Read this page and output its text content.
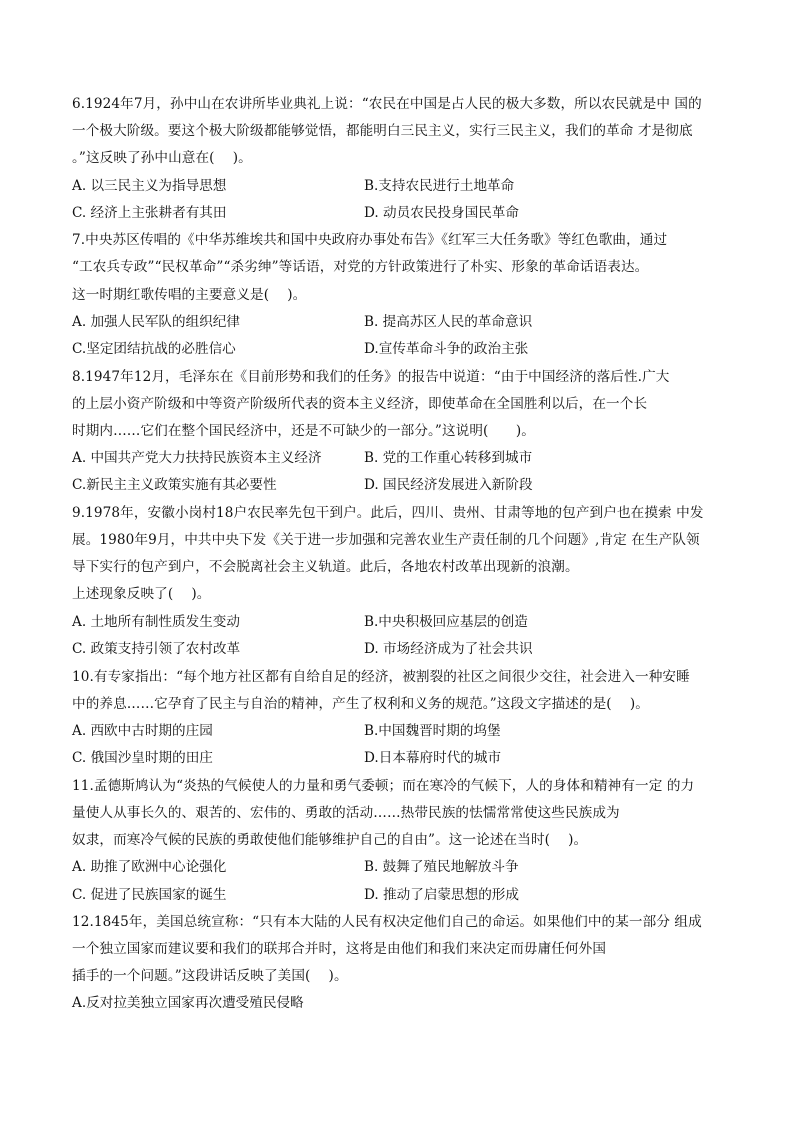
6.1924年7月，孙中山在农讲所毕业典礼上说：“农民在中国是占人民的极大多数，所以农民就是中 国的
一个极大阶级。要这个极大阶级都能够觉悟，都能明白三民主义，实行三民主义，我们的革命 才是彻底
。”这反映了孙中山意在(　 )。
A. 以三民主义为指导思想	B.支持农民进行土地革命
C. 经济上主张耕者有其田	D. 动员农民投身国民革命
7.中央苏区传唱的《中华苏维埃共和国中央政府办事处布告》《红军三大任务歌》等红色歌曲，通过
“工农兵专政”“民权革命”“杀劣绅”等话语，对党的方针政策进行了朴实、形象的革命话语表达。
这一时期红歌传唱的主要意义是(　 )。
A. 加强人民军队的组织纪律	B. 提高苏区人民的革命意识
C.坚定团结抗战的必胜信心	D.宣传革命斗争的政治主张
8.1947年12月，毛泽东在《目前形势和我们的任务》的报告中说道：“由于中国经济的落后性.广大
的上层小资产阶级和中等资产阶级所代表的资本主义经济，即使革命在全国胜利以后，在一个长
时期内……它们在整个国民经济中，还是不可缺少的一部分。”这说明(　　)。
A. 中国共产党大力扶持民族资本主义经济	B. 党的工作重心转移到城市
C.新民主主义政策实施有其必要性	D. 国民经济发展进入新阶段
9.1978年，安徽小岗村18户农民率先包干到户。此后，四川、贵州、甘肃等地的包产到户也在摸索 中发
展。1980年9月，中共中央下发《关于进一步加强和完善农业生产责任制的几个问题》,肯定 在生产队领
导下实行的包产到户，不会脱离社会主义轨道。此后，各地农村改革出现新的浪潮。
上述现象反映了(　 )。
A. 土地所有制性质发生变动	B.中央积极回应基层的创造
C. 政策支持引领了农村改革	D. 市场经济成为了社会共识
10.有专家指出：“每个地方社区都有自给自足的经济，被割裂的社区之间很少交往，社会进入一种安睡
中的养息……它孕育了民主与自治的精神，产生了权利和义务的规范。”这段文字描述的是(　 )。
A. 西欧中古时期的庄园	B.中国魏晋时期的坞堡
C. 俄国沙皇时期的田庄	D.日本幕府时代的城市
11.孟德斯鸠认为“炎热的气候使人的力量和勇气委顿；而在寒冷的气候下，人的身体和精神有一定 的力
量使人从事长久的、艰苦的、宏伟的、勇敢的活动……热带民族的怯懦常常使这些民族成为
奴隶，而寒冷气候的民族的勇敢使他们能够维护自己的自由”。这一论述在当时(　 )。
A. 助推了欧洲中心论强化	B. 鼓舞了殖民地解放斗争
C. 促进了民族国家的诞生	D. 推动了启蒙思想的形成
12.1845年，美国总统宣称：“只有本大陆的人民有权决定他们自己的命运。如果他们中的某一部分 组成
一个独立国家而建议要和我们的联邦合并时，这将是由他们和我们来决定而毋庸任何外国
插手的一个问题。”这段讲话反映了美国(　 )。
A.反对拉美独立国家再次遭受殖民侵略
